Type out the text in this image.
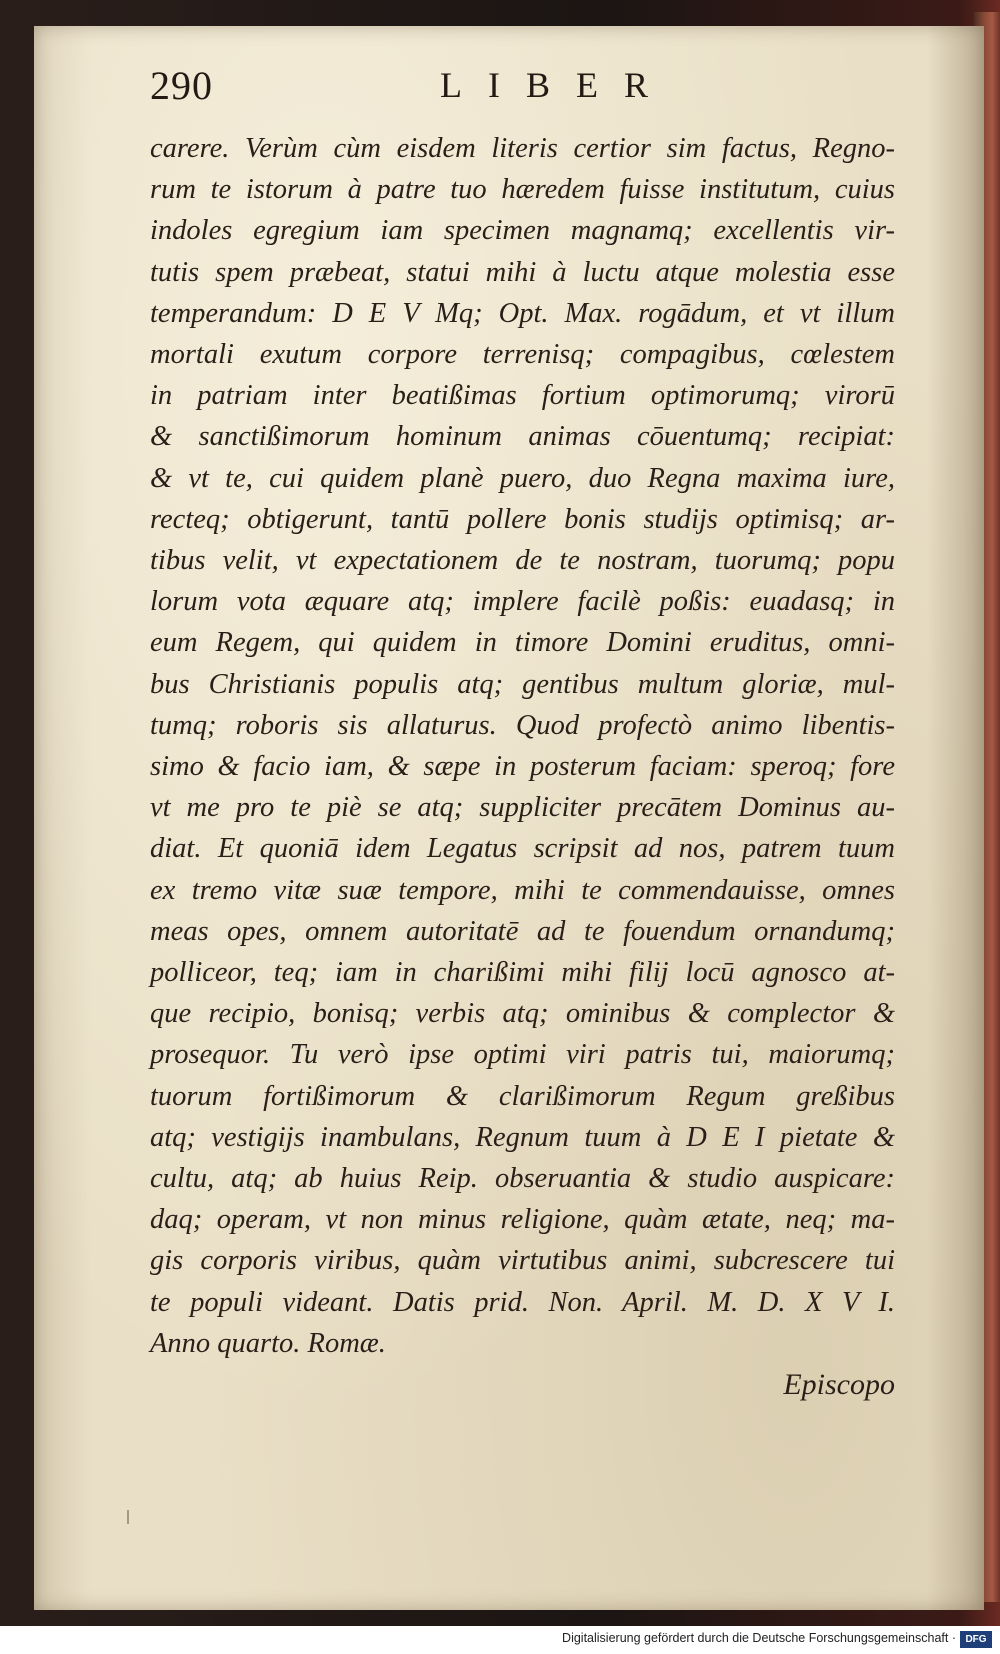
290	LIBER
carere. Verùm cùm eisdem literis certior sim factus, Regno-
rum te istorum à patre tuo hæredem fuisse institutum, cuius
indoles egregium iam specimen magnamq; excellentis vir-
tutis spem præbeat, statui mihi à luctu atque molestia esse
temperandum: D E V Mq; Opt. Max. rogādum, et vt illum
mortali exutum corpore terrenisq; compagibus, cœlestem
in patriam inter beatißimas fortium optimorumq; virorū
& sanctißimorum hominum animas cōuentumq; recipiat:
& vt te, cui quidem planè puero, duo Regna maxima iure,
recteq; obtigerunt, tantū pollere bonis studijs optimisq; ar-
tibus velit, vt expectationem de te nostram, tuorumq; popu
lorum vota æquare atq; implere facilè poßis: euadasq; in
eum Regem, qui quidem in timore Domini eruditus, omni-
bus Christianis populis atq; gentibus multum gloriæ, mul-
tumq; roboris sis allaturus. Quod profectò animo libentis-
simo & facio iam, & sæpe in posterum faciam: speroq; fore
vt me pro te piè se atq; suppliciter precātem Dominus au-
diat. Et quoniā idem Legatus scripsit ad nos, patrem tuum
ex tremo vitæ suæ tempore, mihi te commendauisse, omnes
meas opes, omnem autoritatē ad te fouendum ornandumq;
polliceor, teq; iam in charißimi mihi filij locū agnosco at-
que recipio, bonisq; verbis atq; ominibus & complector &
prosequor. Tu verò ipse optimi viri patris tui, maiorumq;
tuorum fortißimorum & clarißimorum Regum greßibus
atq; vestigijs inambulans, Regnum tuum à D E I pietate &
cultu, atq; ab huius Reip. obseruantia & studio auspicare:
daq; operam, vt non minus religione, quàm ætate, neq; ma-
gis corporis viribus, quàm virtutibus animi, subcrescere tui
te populi videant. Datis prid. Non. April. M. D. X V I.
Anno quarto. Romæ.
Episcopo
Digitalisierung gefördert durch die Deutsche Forschungsgemeinschaft · DFG
